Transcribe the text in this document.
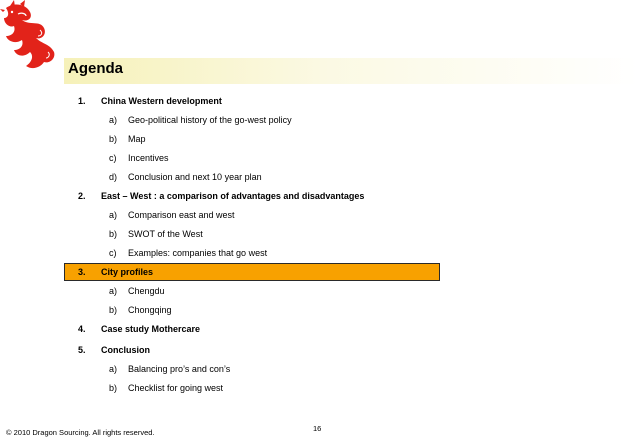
Agenda
1. China Western development
a) Geo-political history of the go-west policy
b) Map
c) Incentives
d) Conclusion and next 10 year plan
2. East – West : a comparison of advantages and disadvantages
a) Comparison east and west
b) SWOT of the West
c) Examples: companies that go west
3. City profiles
a) Chengdu
b) Chongqing
4. Case study Mothercare
5. Conclusion
a) Balancing pro’s and con’s
b) Checklist for going west
16
© 2010 Dragon Sourcing. All rights reserved.
